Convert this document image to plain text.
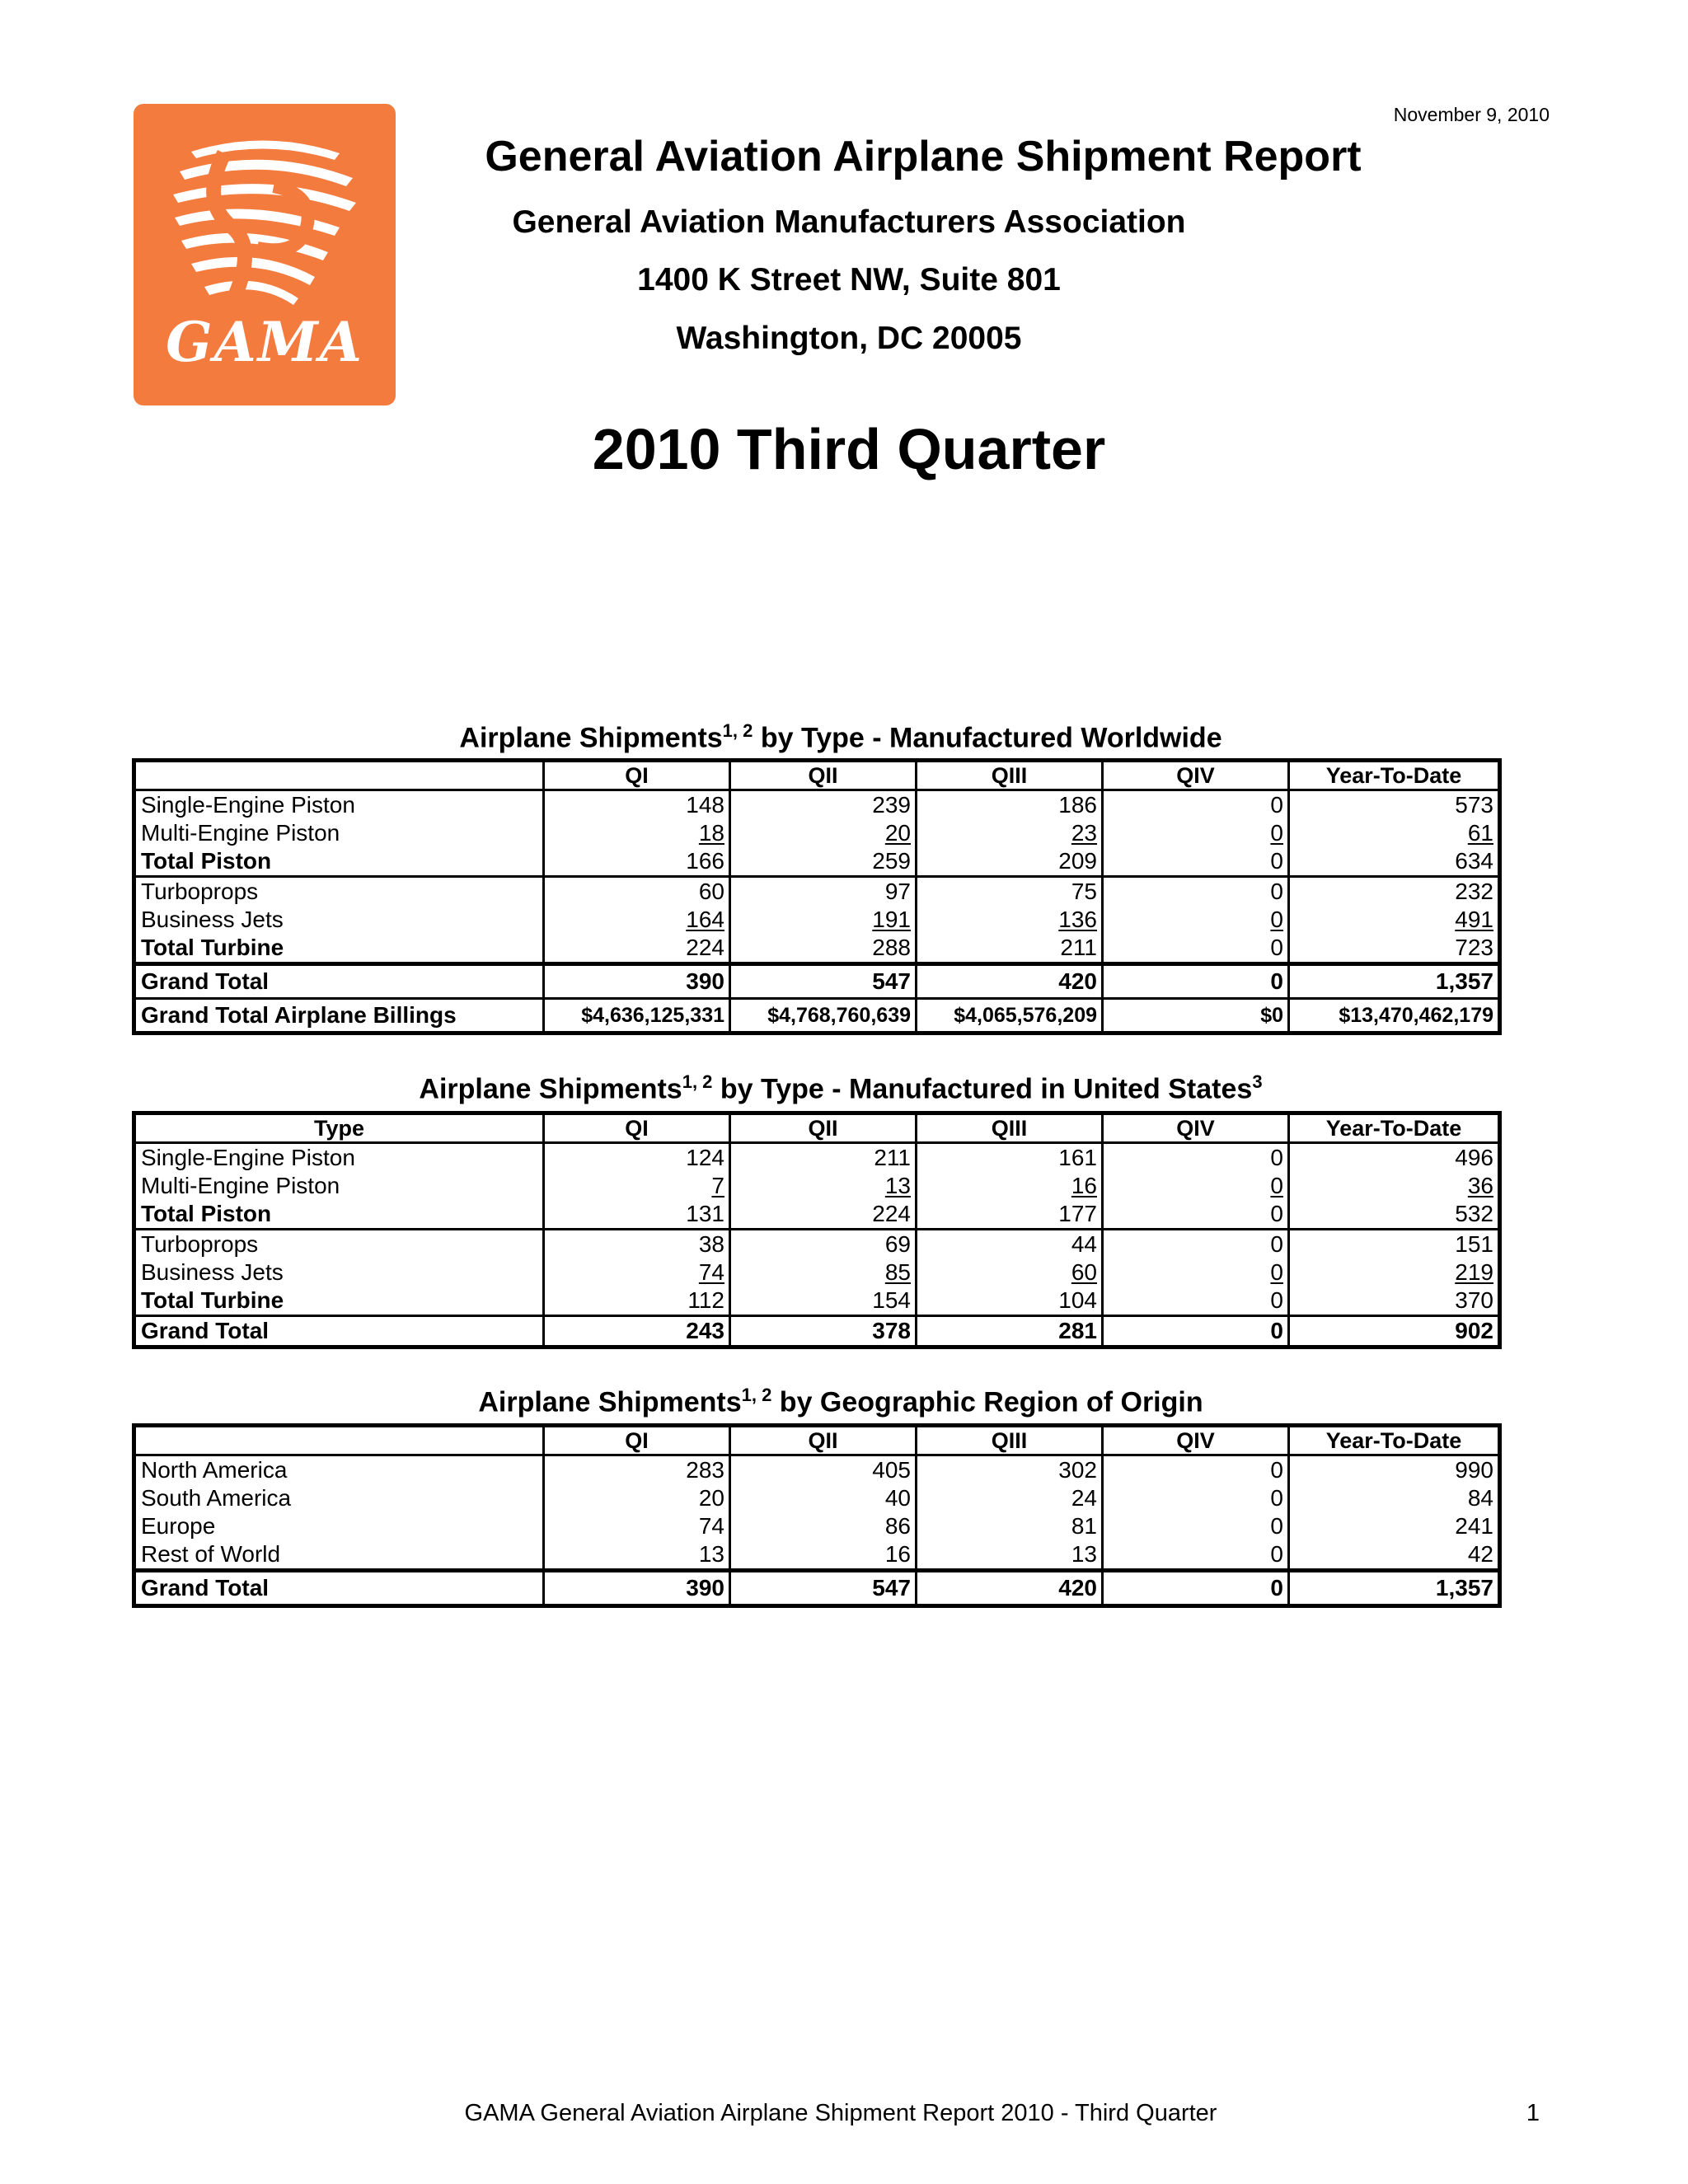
November 9, 2010
GAMA
General Aviation Airplane Shipment Report
General Aviation Manufacturers Association
1400 K Street NW, Suite 801
Washington, DC 20005
2010 Third Quarter
Airplane Shipments$^{1, 2}$ by Type - Manufactured Worldwide
	QI	QII	QIII	QIV	Year-To-Date
Single-Engine Piston	148	239	186	0	573
Multi-Engine Piston	18	20	23	0	61
Total Piston	166	259	209	0	634
Turboprops	60	97	75	0	232
Business Jets	164	191	136	0	491
Total Turbine	224	288	211	0	723
Grand Total	390	547	420	0	1,357
Grand Total Airplane Billings	$4,636,125,331	$4,768,760,639	$4,065,576,209	$0	$13,470,462,179
Airplane Shipments$^{1, 2}$ by Type - Manufactured in United States$^3$
Type	QI	QII	QIII	QIV	Year-To-Date
Single-Engine Piston	124	211	161	0	496
Multi-Engine Piston	7	13	16	0	36
Total Piston	131	224	177	0	532
Turboprops	38	69	44	0	151
Business Jets	74	85	60	0	219
Total Turbine	112	154	104	0	370
Grand Total	243	378	281	0	902
Airplane Shipments$^{1, 2}$ by Geographic Region of Origin
	QI	QII	QIII	QIV	Year-To-Date
North America	283	405	302	0	990
South America	20	40	24	0	84
Europe	74	86	81	0	241
Rest of World	13	16	13	0	42
Grand Total	390	547	420	0	1,357
GAMA General Aviation Airplane Shipment Report 2010 - Third Quarter	1
